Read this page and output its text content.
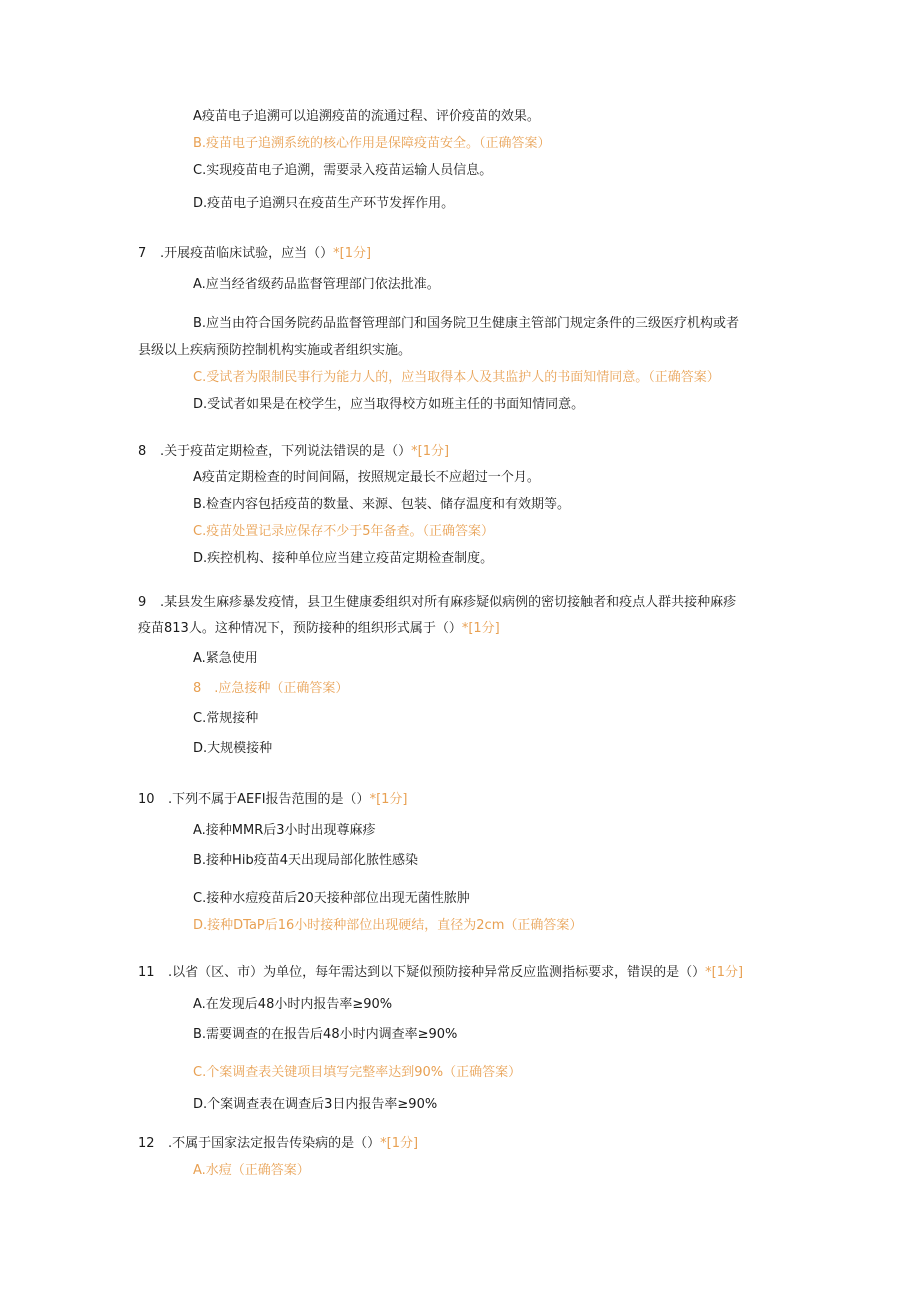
A疫苗电子追溯可以追溯疫苗的流通过程、评价疫苗的效果。
B.疫苗电子追溯系统的核心作用是保障疫苗安全。（正确答案）
C.实现疫苗电子追溯，需要录入疫苗运输人员信息。
D.疫苗电子追溯只在疫苗生产环节发挥作用。
7 .开展疫苗临床试验，应当（）*[1分]
A.应当经省级药品监督管理部门依法批准。
B.应当由符合国务院药品监督管理部门和国务院卫生健康主管部门规定条件的三级医疗机构或者
县级以上疾病预防控制机构实施或者组织实施。
C.受试者为限制民事行为能力人的，应当取得本人及其监护人的书面知情同意。（正确答案）
D.受试者如果是在校学生，应当取得校方如班主任的书面知情同意。
8 .关于疫苗定期检查，下列说法错误的是（）*[1分]
A疫苗定期检查的时间间隔，按照规定最长不应超过一个月。
B.检查内容包括疫苗的数量、来源、包装、储存温度和有效期等。
C.疫苗处置记录应保存不少于5年备查。（正确答案）
D.疾控机构、接种单位应当建立疫苗定期检查制度。
9 .某县发生麻疹暴发疫情，县卫生健康委组织对所有麻疹疑似病例的密切接触者和疫点人群共接种麻疹
疫苗813人。这种情况下，预防接种的组织形式属于（）*[1分]
A.紧急使用
8　.应急接种（正确答案）
C.常规接种
D.大规模接种
10 .下列不属于AEFI报告范围的是（）*[1分]
A.接种MMR后3小时出现尊麻疹
B.接种Hib疫苗4天出现局部化脓性感染
C.接种水痘疫苗后20天接种部位出现无菌性脓肿
D.接种DTaP后16小时接种部位出现硬结，直径为2cm（正确答案）
11 .以省（区、市）为单位，每年需达到以下疑似预防接种异常反应监测指标要求，错误的是（）*[1分]
A.在发现后48小时内报告率≥90%
B.需要调查的在报告后48小时内调查率≥90%
C.个案调查表关键项目填写完整率达到90%（正确答案）
D.个案调查表在调查后3日内报告率≥90%
12 .不属于国家法定报告传染病的是（）*[1分]
A.水痘（正确答案）
